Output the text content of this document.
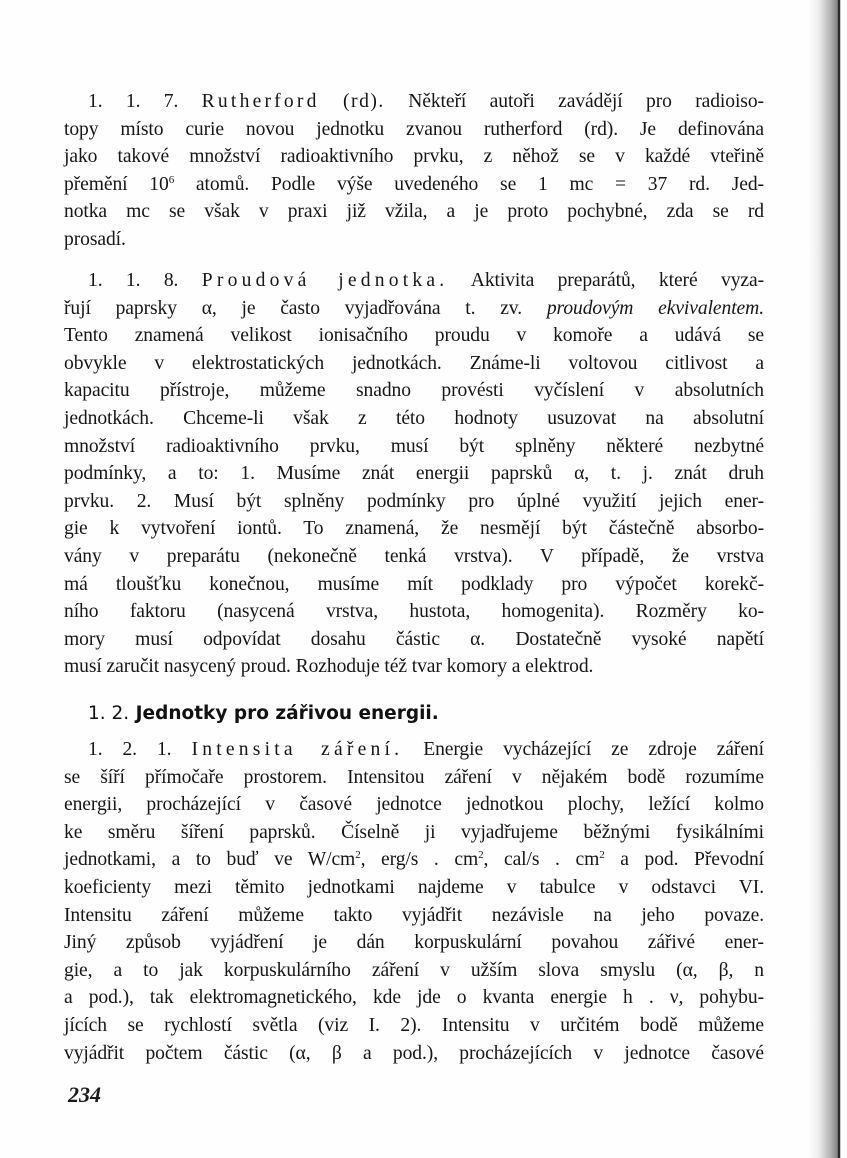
1. 1. 7. Rutherford (rd). Někteří autoři zavádějí pro radioiso-
topy místo curie novou jednotku zvanou rutherford (rd). Je definována
jako takové množství radioaktivního prvku, z něhož se v každé vteřině
přemění $10^6$ atomů. Podle výše uvedeného se 1 mc = 37 rd. Jed-
notka mc se však v praxi již vžila, a je proto pochybné, zda se rd
prosadí.
1. 1. 8. Proudová jednotka. Aktivita preparátů, které vyza-
řují paprsky α, je často vyjadřována t. zv. proudovým ekvivalentem.
Tento znamená velikost ionisačního proudu v komoře a udává se
obvykle v elektrostatických jednotkách. Známe-li voltovou citlivost a
kapacitu přístroje, můžeme snadno provésti vyčíslení v absolutních
jednotkách. Chceme-li však z této hodnoty usuzovat na absolutní
množství radioaktivního prvku, musí být splněny některé nezbytné
podmínky, a to: 1. Musíme znát energii paprsků α, t. j. znát druh
prvku. 2. Musí být splněny podmínky pro úplné využití jejich ener-
gie k vytvoření iontů. To znamená, že nesmějí být částečně absorbo-
vány v preparátu (nekonečně tenká vrstva). V případě, že vrstva
má tloušťku konečnou, musíme mít podklady pro výpočet korekč-
ního faktoru (nasycená vrstva, hustota, homogenita). Rozměry ko-
mory musí odpovídat dosahu částic α. Dostatečně vysoké napětí
musí zaručit nasycený proud. Rozhoduje též tvar komory a elektrod.
1. 2. Jednotky pro zářivou energii.
1. 2. 1. Intensita záření. Energie vycházející ze zdroje záření
se šíří přímočaře prostorem. Intensitou záření v nějakém bodě rozumíme
energii, procházející v časové jednotce jednotkou plochy, ležící kolmo
ke směru šíření paprsků. Číselně ji vyjadřujeme běžnými fysikálními
jednotkami, a to buď ve $W/cm^2$, erg/s . $cm^2$, cal/s . $cm^2$ a pod. Převodní
koeficienty mezi těmito jednotkami najdeme v tabulce v odstavci VI.
Intensitu záření můžeme takto vyjádřit nezávisle na jeho povaze.
Jiný způsob vyjádření je dán korpuskulární povahou zářivé ener-
gie, a to jak korpuskulárního záření v užším slova smyslu (α, β, n
a pod.), tak elektromagnetického, kde jde o kvanta energie h . ν, pohybu-
jících se rychlostí světla (viz I. 2). Intensitu v určitém bodě můžeme
vyjádřit počtem částic (α, β a pod.), procházejících v jednotce časové
234
